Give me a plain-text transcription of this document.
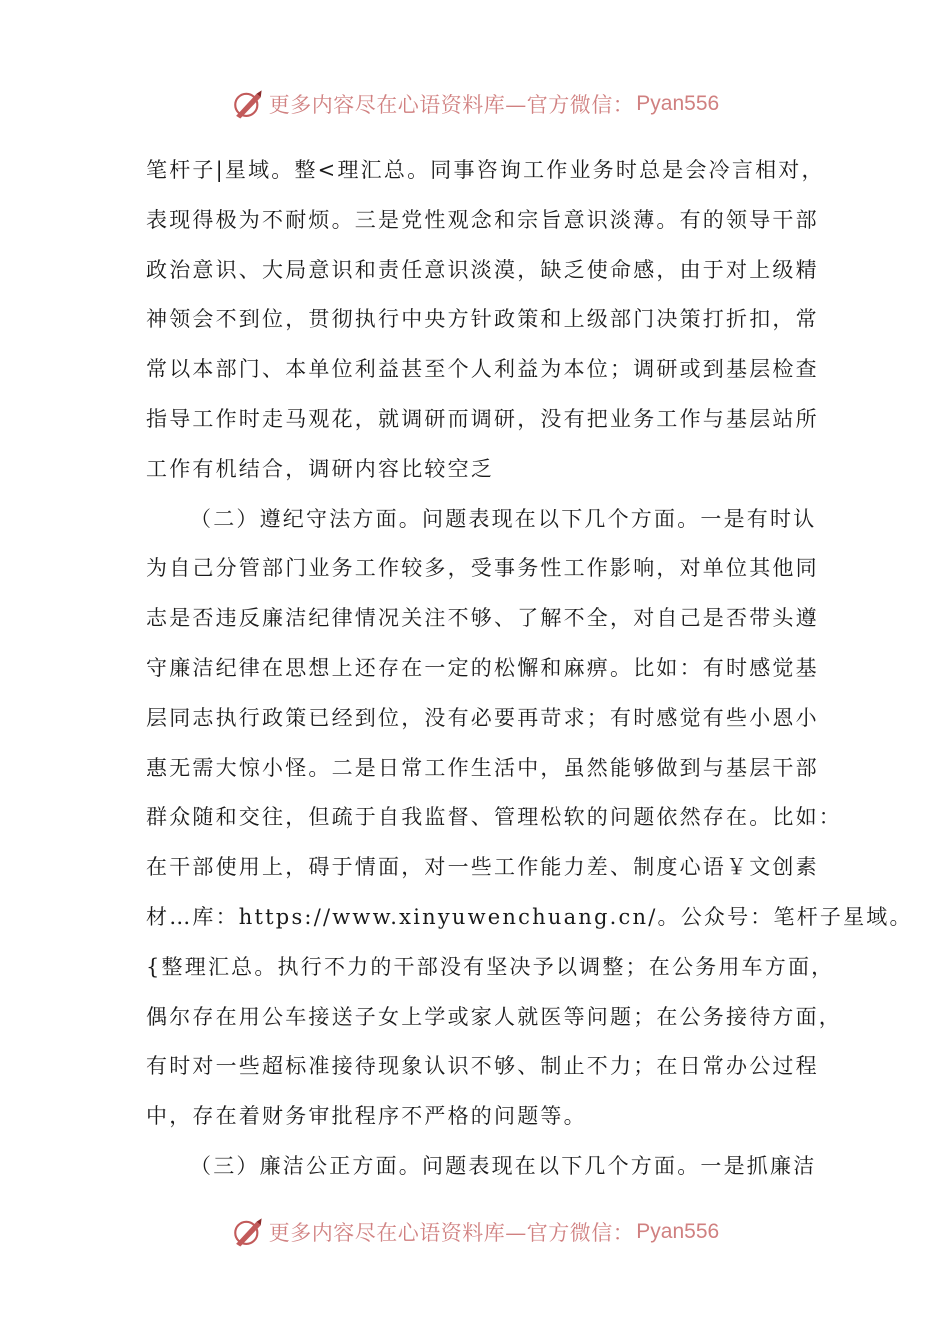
更多内容尽在心语资料库—官方微信： Pyan556
笔杆子|星域。整<理汇总。同事咨询工作业务时总是会冷言相对，
表现得极为不耐烦。三是党性观念和宗旨意识淡薄。有的领导干部
政治意识、大局意识和责任意识淡漠，缺乏使命感，由于对上级精
神领会不到位，贯彻执行中央方针政策和上级部门决策打折扣，常
常以本部门、本单位利益甚至个人利益为本位；调研或到基层检查
指导工作时走马观花，就调研而调研，没有把业务工作与基层站所
工作有机结合，调研内容比较空乏
（二）遵纪守法方面。问题表现在以下几个方面。一是有时认
为自己分管部门业务工作较多，受事务性工作影响，对单位其他同
志是否违反廉洁纪律情况关注不够、了解不全，对自己是否带头遵
守廉洁纪律在思想上还存在一定的松懈和麻痹。比如：有时感觉基
层同志执行政策已经到位，没有必要再苛求；有时感觉有些小恩小
惠无需大惊小怪。二是日常工作生活中，虽然能够做到与基层干部
群众随和交往，但疏于自我监督、管理松软的问题依然存在。比如：
在干部使用上，碍于情面，对一些工作能力差、制度心语￥文创素
材…库：https://www.xinyuwenchuang.cn/。公众号：笔杆子星域。
{整理汇总。执行不力的干部没有坚决予以调整；在公务用车方面，
偶尔存在用公车接送子女上学或家人就医等问题；在公务接待方面，
有时对一些超标准接待现象认识不够、制止不力；在日常办公过程
中，存在着财务审批程序不严格的问题等。
（三）廉洁公正方面。问题表现在以下几个方面。一是抓廉洁
更多内容尽在心语资料库—官方微信： Pyan556
